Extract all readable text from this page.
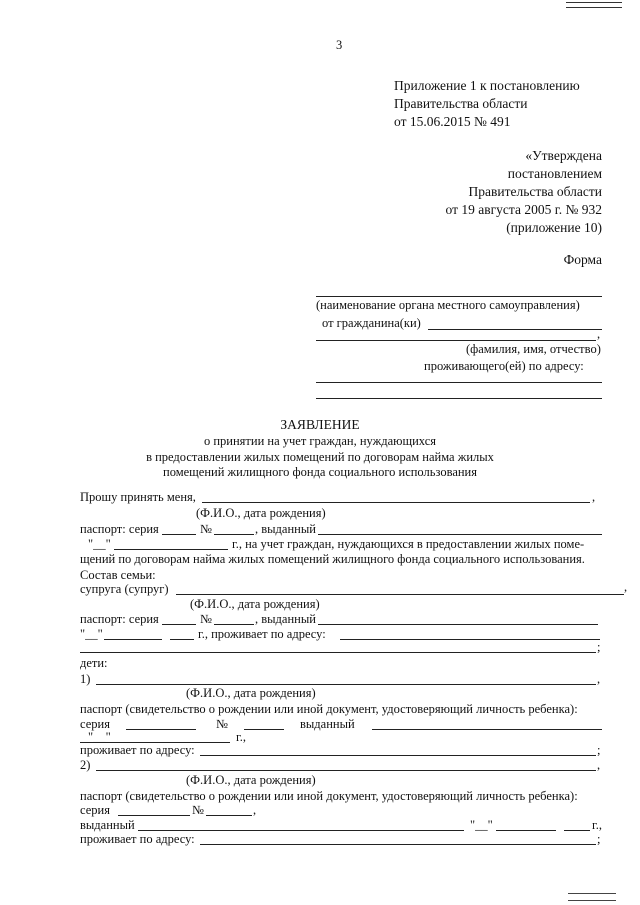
3
Приложение 1 к постановлению
Правительства области
от 15.06.2015 № 491
«Утверждена
постановлением
Правительства области
от 19 августа 2005 г. № 932
(приложение 10)
Форма
(наименование органа местного самоуправления)
от гражданина(ки)
,
(фамилия, имя, отчество)
проживающего(ей) по адресу:
ЗАЯВЛЕНИЕ
о принятии на учет граждан, нуждающихся
в предоставлении жилых помещений по договорам найма жилых
помещений жилищного фонда социального использования
Прошу принять меня,	,
(Ф.И.О., дата рождения)
паспорт: серия	№	, выданный
"__"	г., на учет граждан, нуждающихся в предоставлении жилых поме-
щений по договорам найма жилых помещений жилищного фонда социального использования.
Состав семьи:
супруга (супруг)	,
(Ф.И.О., дата рождения)
паспорт: серия	№	, выданный
"__"	г., проживает по адресу:
;
дети:
1)	,
(Ф.И.О., дата рождения)
паспорт (свидетельство о рождении или иной документ, удостоверяющий личность ребенка):
серия	№	выданный
"__"	г.,
проживает по адресу:	;
2)	,
(Ф.И.О., дата рождения)
паспорт (свидетельство о рождении или иной документ, удостоверяющий личность ребенка):
серия	№	,
выданный	"__"	г.,
проживает по адресу:	;
